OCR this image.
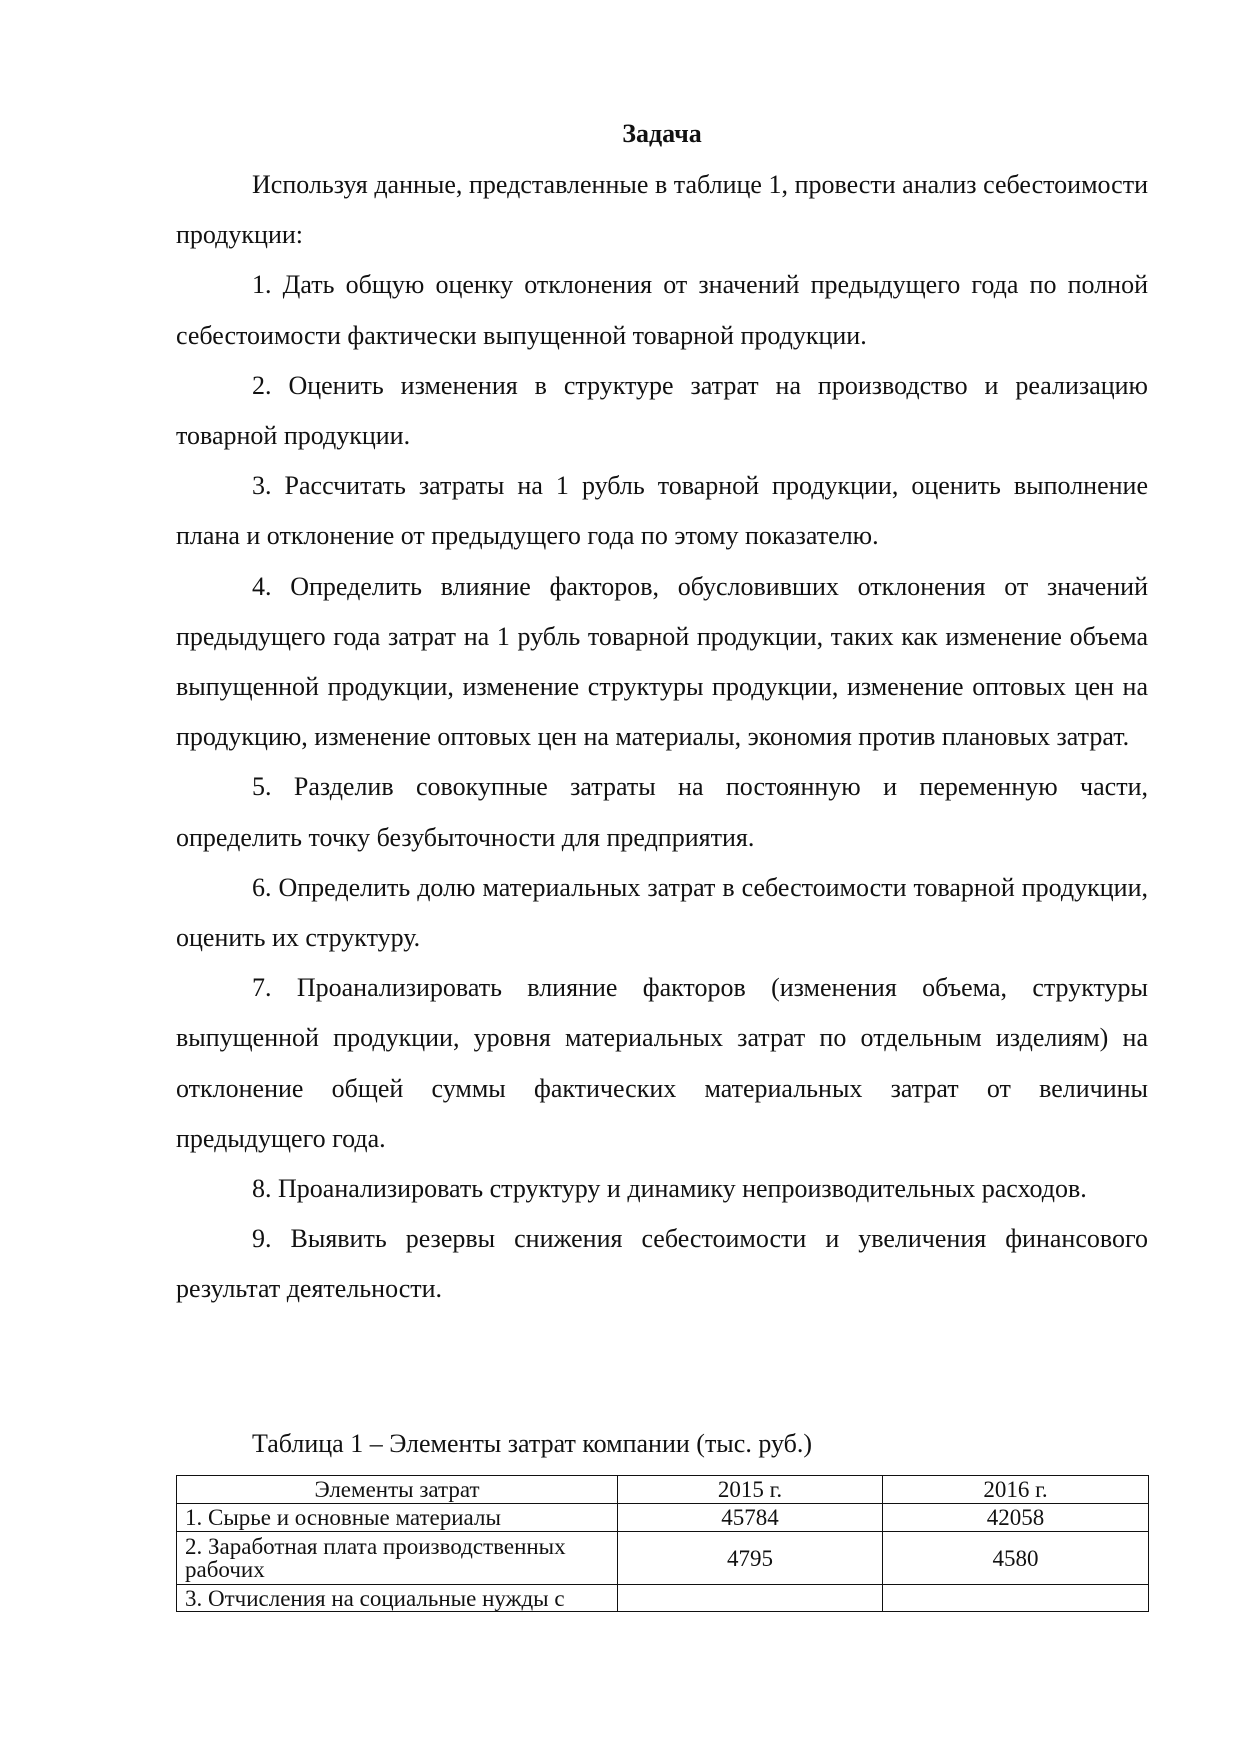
Задача

Используя данные, представленные в таблице 1, провести анализ себестоимости продукции:

1. Дать общую оценку отклонения от значений предыдущего года по полной себестоимости фактически выпущенной товарной продукции.

2. Оценить изменения в структуре затрат на производство и реализацию товарной продукции.

3. Рассчитать затраты на 1 рубль товарной продукции, оценить выполнение плана и отклонение от предыдущего года по этому показателю.

4. Определить влияние факторов, обусловивших отклонения от значений предыдущего года затрат на 1 рубль товарной продукции, таких как изменение объема выпущенной продукции, изменение структуры продукции, изменение оптовых цен на продукцию, изменение оптовых цен на материалы, экономия против плановых затрат.

5. Разделив совокупные затраты на постоянную и переменную части, определить точку безубыточности для предприятия.

6. Определить долю материальных затрат в себестоимости товарной продукции, оценить их структуру.

7. Проанализировать влияние факторов (изменения объема, структуры выпущенной продукции, уровня материальных затрат по отдельным изделиям) на отклонение общей суммы фактических материальных затрат от величины предыдущего года.

8. Проанализировать структуру и динамику непроизводительных расходов.

9. Выявить резервы снижения себестоимости и увеличения финансового результат деятельности.

Таблица 1 – Элементы затрат компании (тыс. руб.)
Элементы затрат	2015 г.	2016 г.
1. Сырье и основные материалы	45784	42058
2. Заработная плата производственных рабочих	4795	4580
3. Отчисления на социальные нужды с		
